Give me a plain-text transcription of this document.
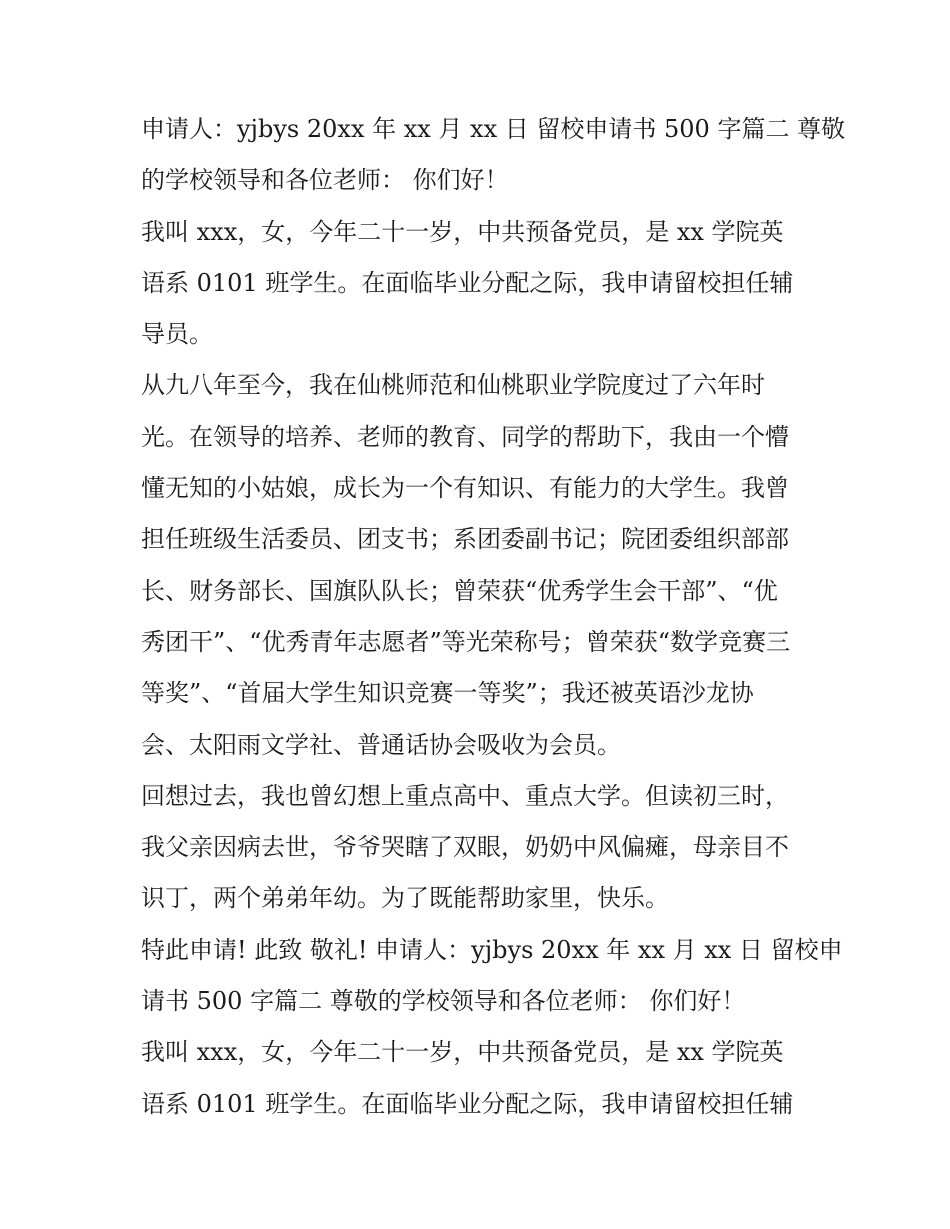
申请人：yjbys 20xx 年 xx 月 xx 日 留校申请书 500 字篇二 尊敬
的学校领导和各位老师： 你们好！
我叫 xxx，女，今年二十一岁，中共预备党员，是 xx 学院英
语系 0101 班学生。在面临毕业分配之际，我申请留校担任辅
导员。
从九八年至今，我在仙桃师范和仙桃职业学院度过了六年时
光。在领导的培养、老师的教育、同学的帮助下，我由一个懵
懂无知的小姑娘，成长为一个有知识、有能力的大学生。我曾
担任班级生活委员、团支书；系团委副书记；院团委组织部部
长、财务部长、国旗队队长；曾荣获“优秀学生会干部”、“优
秀团干”、“优秀青年志愿者”等光荣称号；曾荣获“数学竞赛三
等奖”、“首届大学生知识竞赛一等奖”；我还被英语沙龙协
会、太阳雨文学社、普通话协会吸收为会员。
回想过去，我也曾幻想上重点高中、重点大学。但读初三时，
我父亲因病去世，爷爷哭瞎了双眼，奶奶中风偏瘫，母亲目不
识丁，两个弟弟年幼。为了既能帮助家里，快乐。
特此申请! 此致 敬礼! 申请人：yjbys 20xx 年 xx 月 xx 日 留校申
请书 500 字篇二 尊敬的学校领导和各位老师： 你们好！
我叫 xxx，女，今年二十一岁，中共预备党员，是 xx 学院英
语系 0101 班学生。在面临毕业分配之际，我申请留校担任辅
